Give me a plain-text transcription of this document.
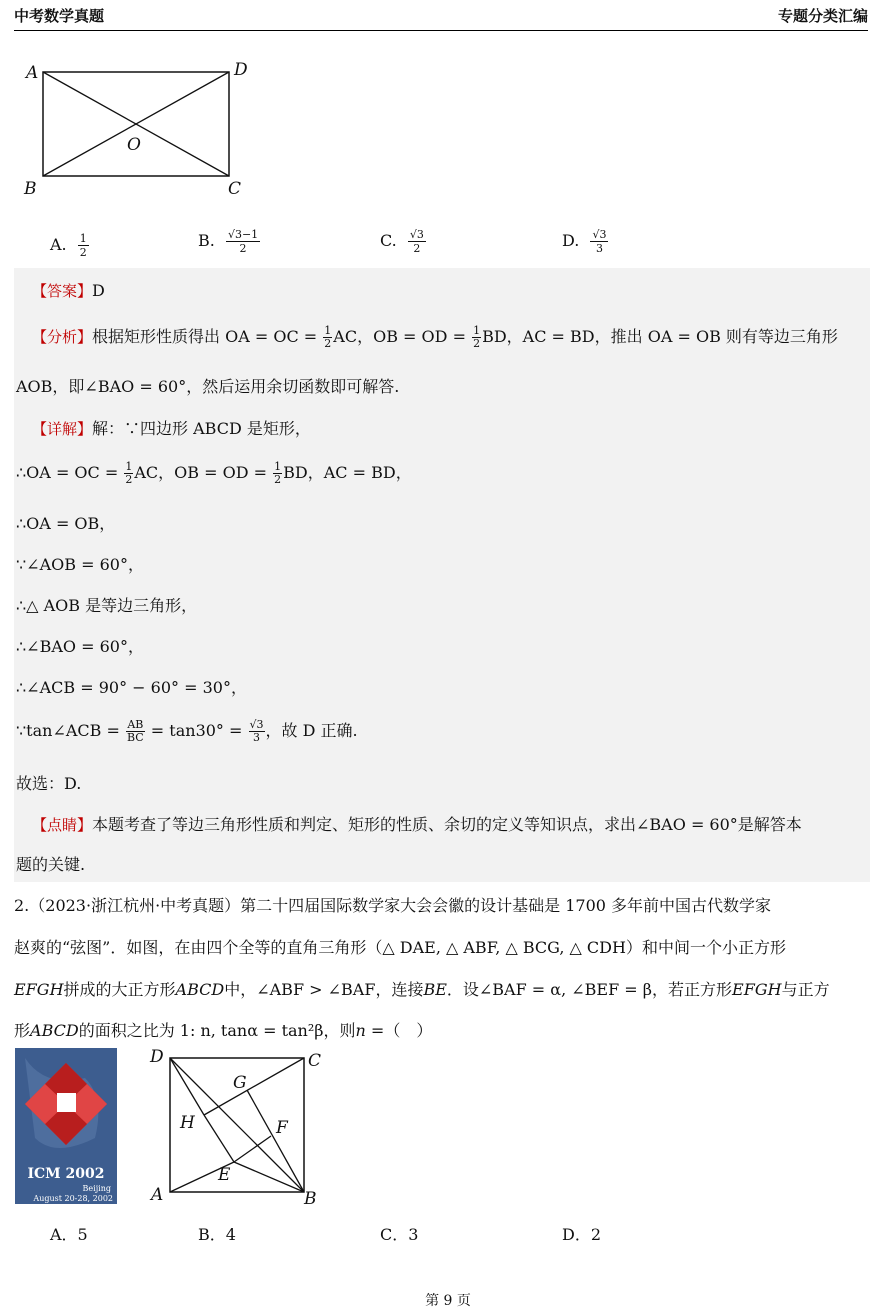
中考数学真题	专题分类汇编
A	D
B	C
O
A. $\frac{1}{2}$	B. $\frac{√3-1}{2}$	C. $\frac{√3}{2}$	D. $\frac{√3}{3}$
【答案】D
【分析】根据矩形性质得出 OA = OC = $\frac{1}{2}$ AC，OB = OD = $\frac{1}{2}$ BD，AC = BD，推出 OA = OB 则有等边三角形
AOB，即∠BAO = 60°，然后运用余切函数即可解答.
【详解】解：∵四边形 ABCD 是矩形，
∴OA = OC = $\frac{1}{2}$ AC，OB = OD = $\frac{1}{2}$ BD，AC = BD，
∴OA = OB，
∵∠AOB = 60°，
∴△ AOB 是等边三角形，
∴∠BAO = 60°，
∴∠ACB = 90° − 60° = 30°，
∵tan∠ACB = $\frac{AB}{BC} = \tan 30^\circ = \frac{√3}{3}$ ，故 D 正确.
故选：D.
【点睛】本题考查了等边三角形性质和判定、矩形的性质、余切的定义等知识点，求出∠BAO = 60°是解答本
题的关键.
2.（2023·浙江杭州·中考真题）第二十四届国际数学家大会会徽的设计基础是 1700 多年前中国古代数学家
赵爽的“弦图”．如图，在由四个全等的直角三角形（△ DAE, △ ABF, △ BCG, △ CDH）和中间一个小正方形
EFGH拼成的大正方形ABCD中，∠ABF > ∠BAF，连接BE．设∠BAF = α, ∠BEF = β，若正方形EFGH与正方
形ABCD的面积之比为 1: n, tanα = tan²β，则n =（　）
ICM 2002
Beijing
August 20-28, 2002
D	C
G
H	F
E
A	B
A．5	B．4	C．3	D．2
第 9 页
